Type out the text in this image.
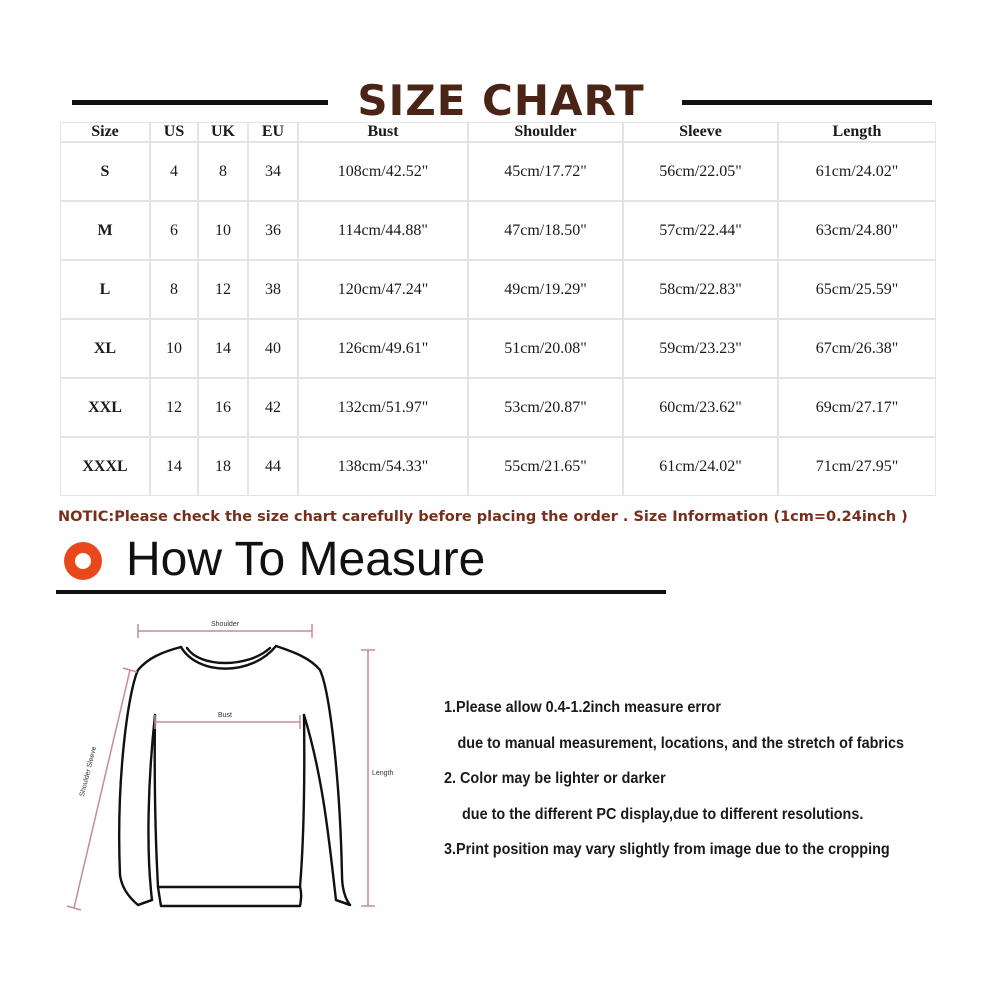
SIZE CHART
Size	US	UK	EU	Bust	Shoulder	Sleeve	Length
S	4	8	34	108cm/42.52"	45cm/17.72"	56cm/22.05"	61cm/24.02"
M	6	10	36	114cm/44.88"	47cm/18.50"	57cm/22.44"	63cm/24.80"
L	8	12	38	120cm/47.24"	49cm/19.29"	58cm/22.83"	65cm/25.59"
XL	10	14	40	126cm/49.61"	51cm/20.08"	59cm/23.23"	67cm/26.38"
XXL	12	16	42	132cm/51.97"	53cm/20.87"	60cm/23.62"	69cm/27.17"
XXXL	14	18	44	138cm/54.33"	55cm/21.65"	61cm/24.02"	71cm/27.95"
NOTIC:Please check the size chart carefully before placing the order . Size Information (1cm=0.24inch )
How To Measure
Shoulder
Bust
Length
Shoulder Sleeve

1.Please allow 0.4-1.2inch measure error

due to manual measurement, locations, and the stretch of fabrics

2. Color may be lighter or darker

due to the different PC display,due to different resolutions.

3.Print position may vary slightly from image due to the cropping
